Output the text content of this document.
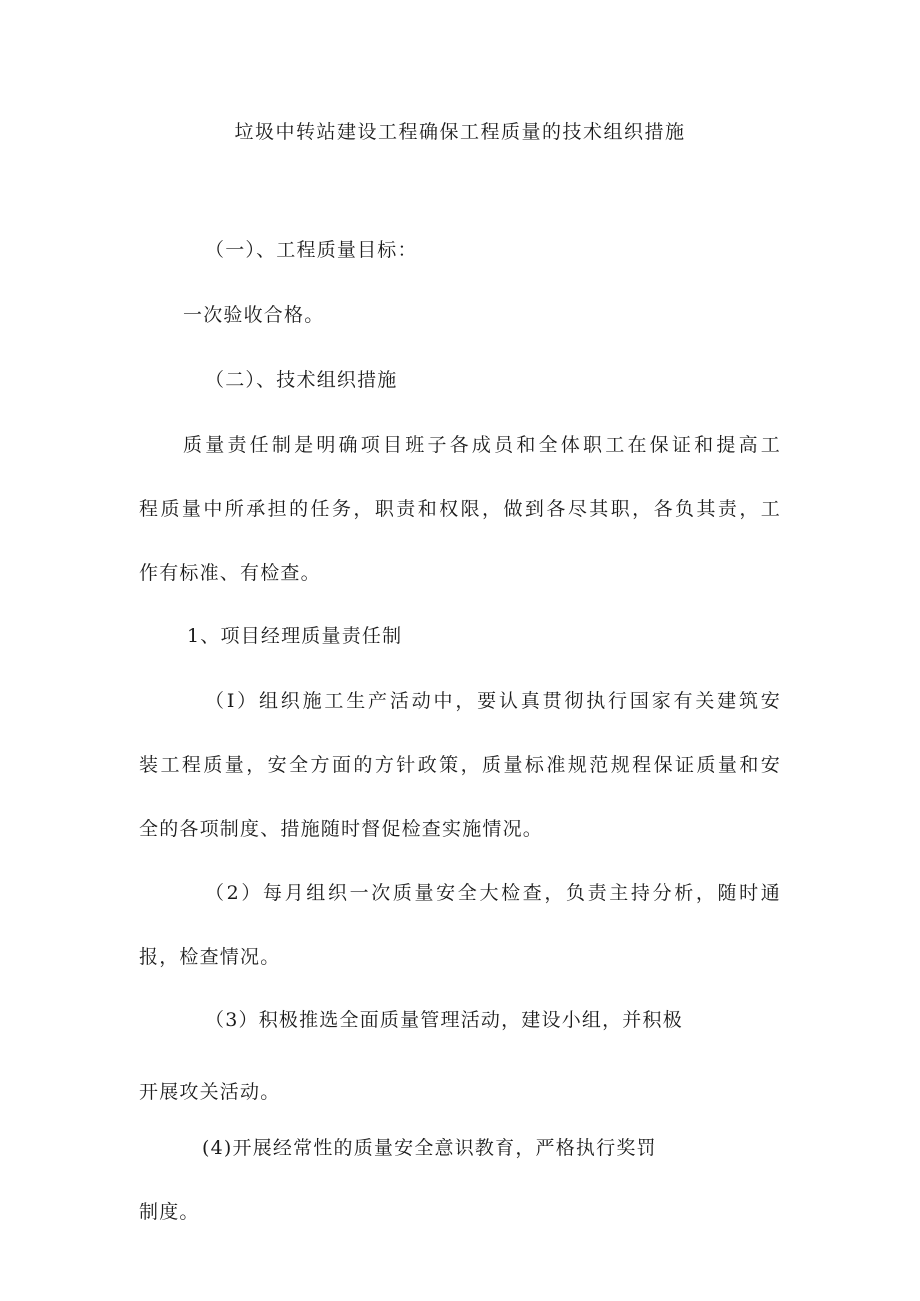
垃圾中转站建设工程确保工程质量的技术组织措施
（一）、工程质量目标：
一次验收合格。
（二）、技术组织措施
质量责任制是明确项目班子各成员和全体职工在保证和提高工
程质量中所承担的任务，职责和权限，做到各尽其职，各负其责，工
作有标准、有检查。
1、项目经理质量责任制
（I）组织施工生产活动中，要认真贯彻执行国家有关建筑安
装工程质量，安全方面的方针政策，质量标准规范规程保证质量和安
全的各项制度、措施随时督促检查实施情况。
（2）每月组织一次质量安全大检查，负责主持分析，随时通
报，检查情况。
（3）积极推选全面质量管理活动，建设小组，并积极
开展攻关活动。
(4)开展经常性的质量安全意识教育，严格执行奖罚
制度。
